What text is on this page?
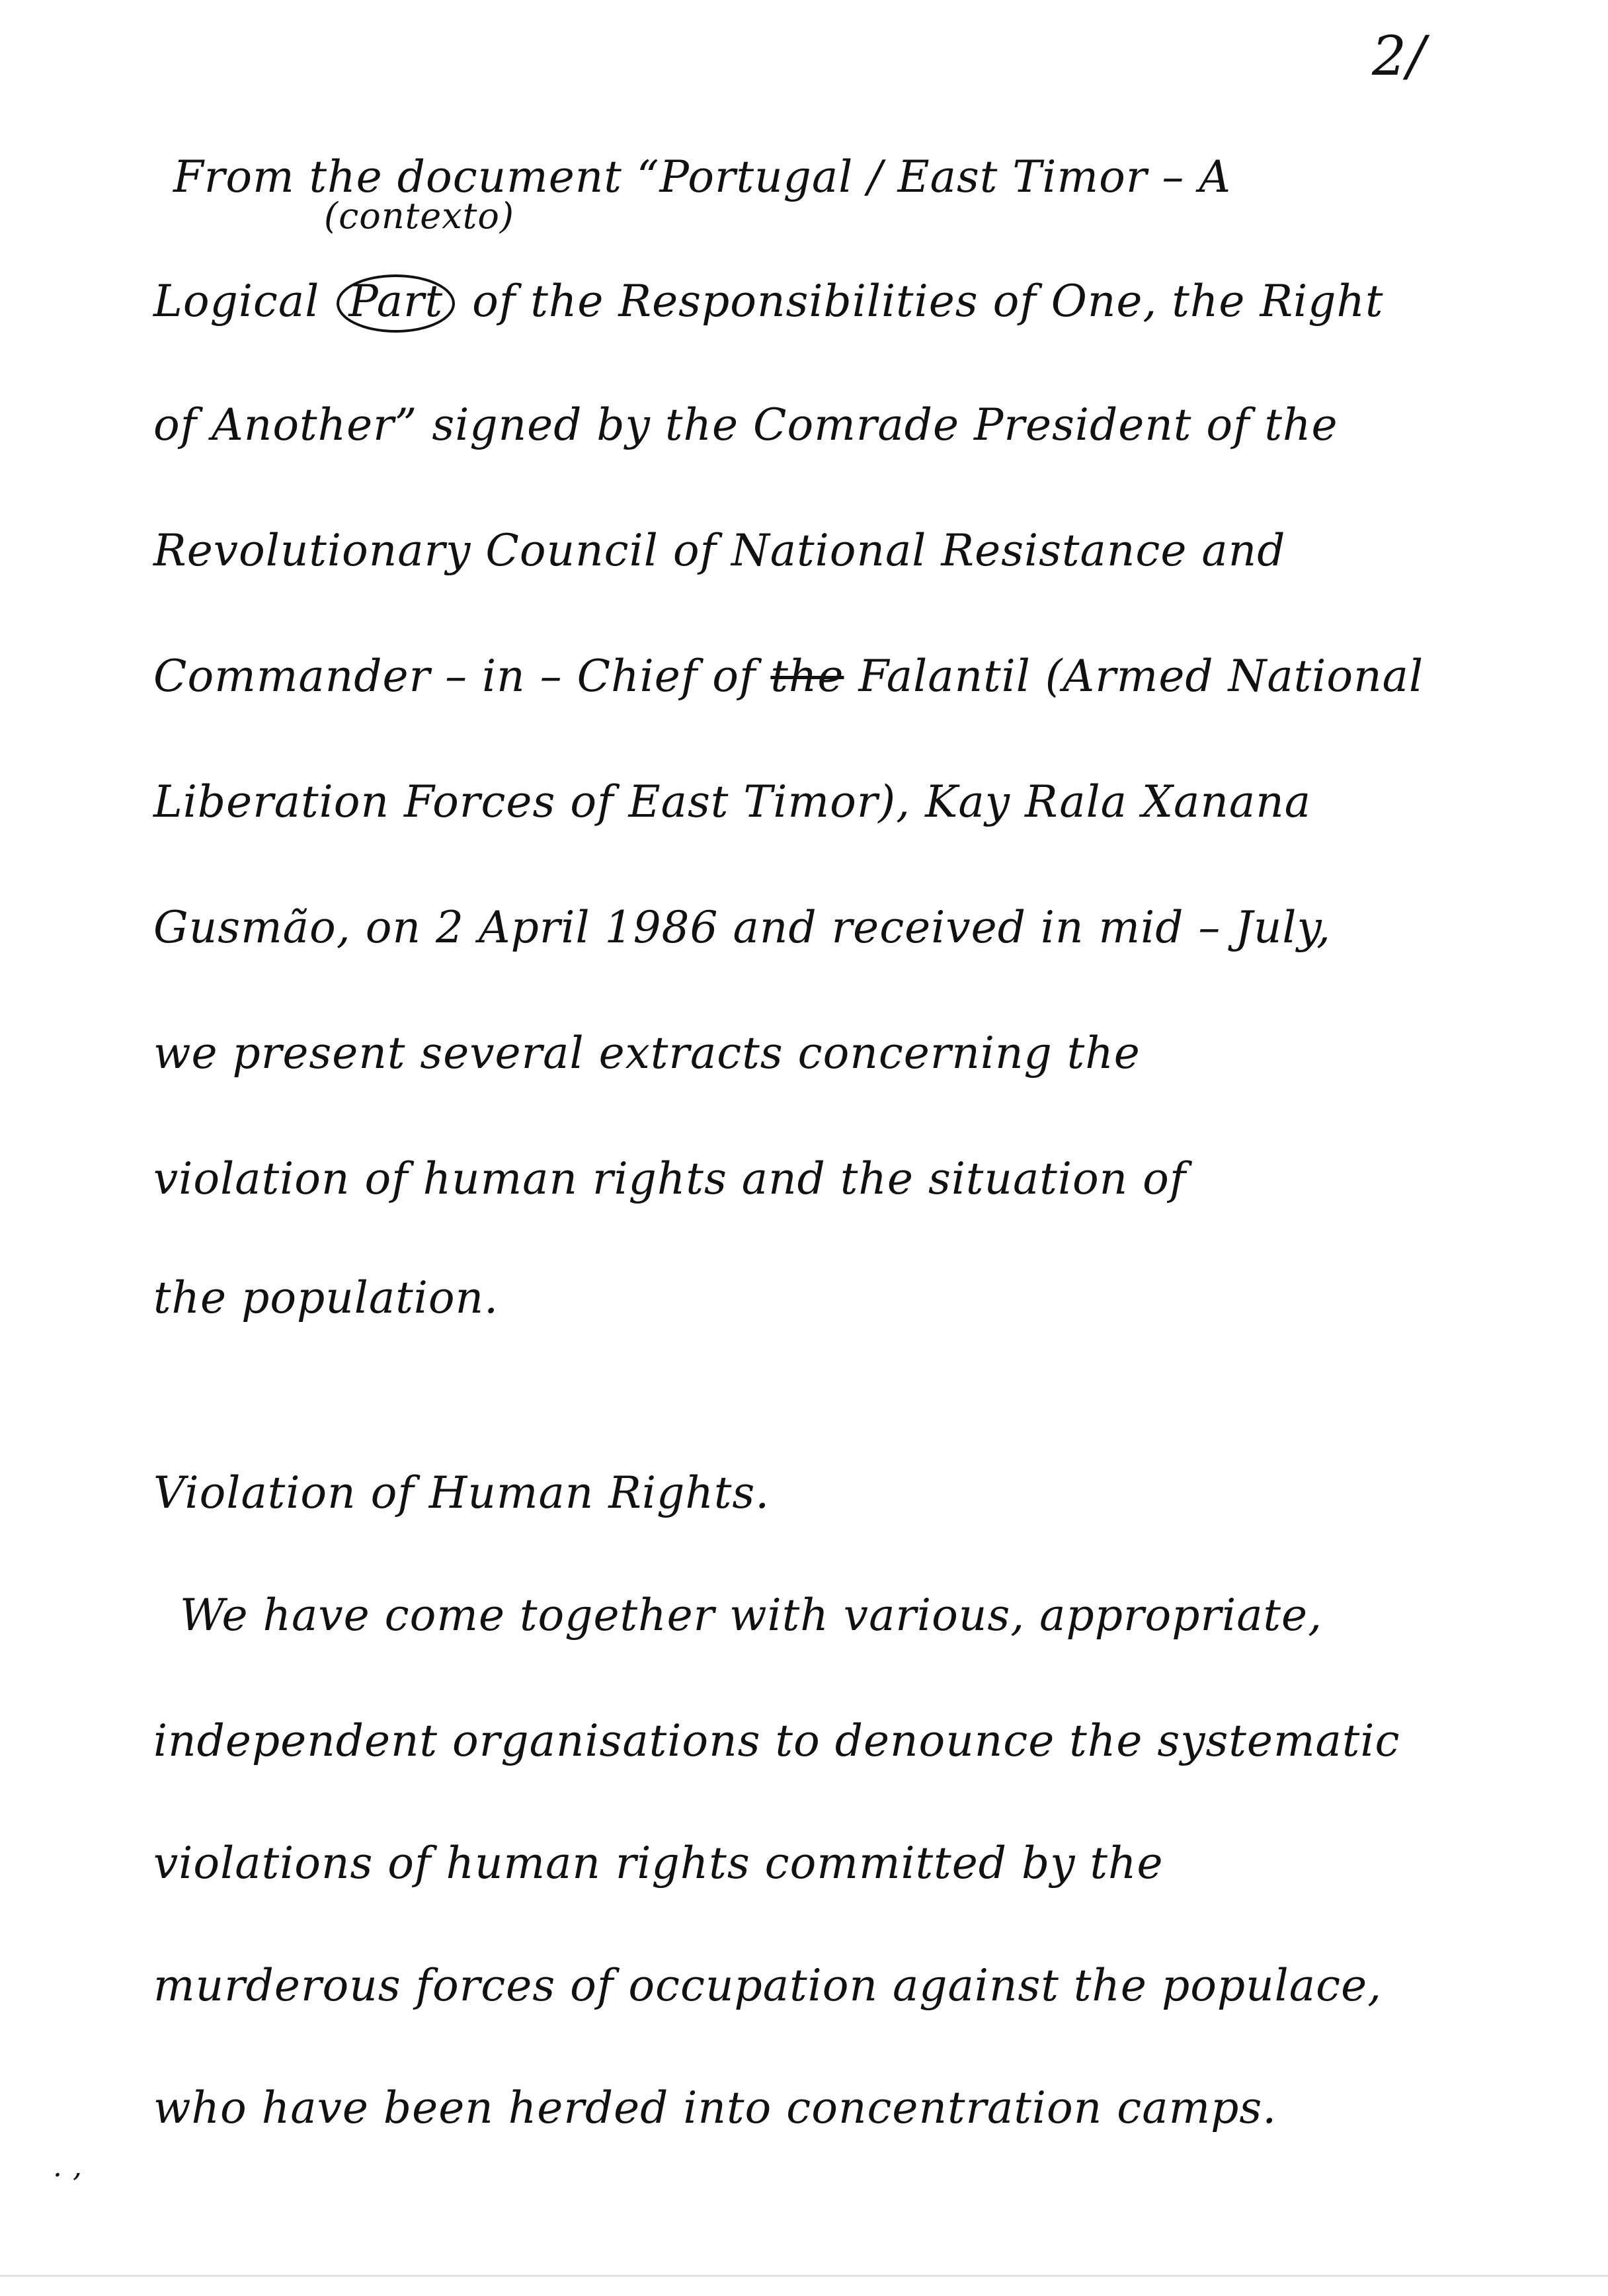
2/
From the document “Portugal / East Timor – A
(contexto)
Logical Part of the Responsibilities of One, the Right
of Another” signed by the Comrade President of the
Revolutionary Council of National Resistance and
Commander – in – Chief of the Falantil (Armed National
Liberation Forces of East Timor), Kay Rala Xanana
Gusmão, on 2 April 1986 and received in mid – July,
we present several extracts concerning the
violation of human rights and the situation of
the population.
Violation of Human Rights.
We have come together with various, appropriate,
independent organisations to denounce the systematic
violations of human rights committed by the
murderous forces of occupation against the populace,
who have been herded into concentration camps.
. ,
